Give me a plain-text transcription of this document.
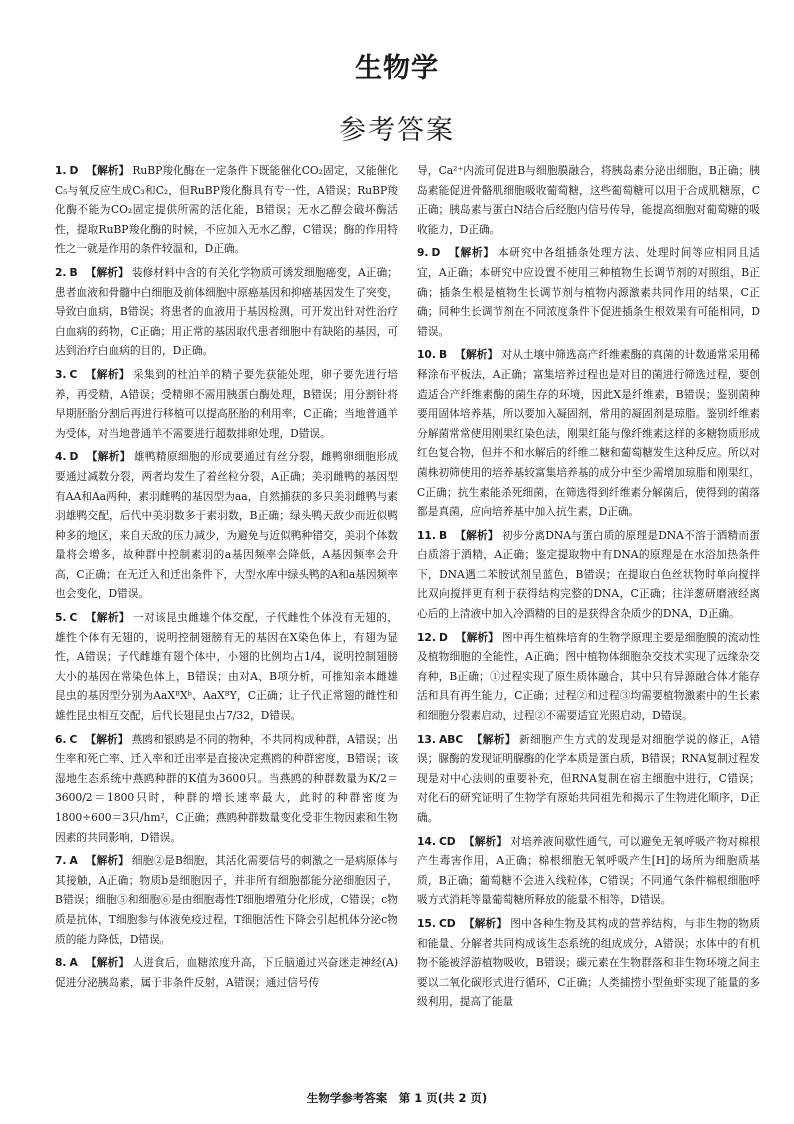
生物学
参考答案
1. D 【解析】 RuBP羧化酶在一定条件下既能催化CO₂固定，又能催化C₅与氧反应生成C₃和C₂，但RuBP羧化酶具有专一性，A错误；RuBP羧化酶不能为CO₂固定提供所需的活化能，B错误；无水乙醇会破坏酶活性，提取RuBP羧化酶的时候，不应加入无水乙醇，C错误；酶的作用特性之一就是作用的条件较温和，D正确。
2. B 【解析】 装修材料中含的有关化学物质可诱发细胞癌变，A正确；患者血液和骨髓中白细胞及前体细胞中原癌基因和抑癌基因发生了突变，导致白血病，B错误；将患者的血液用于基因检测，可开发出针对性治疗白血病的药物，C正确；用正常的基因取代患者细胞中有缺陷的基因，可达到治疗白血病的目的，D正确。
3. C 【解析】 采集到的杜泊羊的精子要先获能处理，卵子要先进行培养，再受精，A错误；受精卵不需用胰蛋白酶处理，B错误；用分割针将早期胚胎分割后再进行移植可以提高胚胎的利用率，C正确；当地普通羊为受体，对当地普通羊不需要进行超数排卵处理，D错误。
4. D 【解析】 雄鸭精原细胞的形成要通过有丝分裂，雌鸭卵细胞形成要通过减数分裂，两者均发生了着丝粒分裂，A正确；美羽雌鸭的基因型有AA和Aa两种，素羽雌鸭的基因型为aa，自然捕获的多只美羽雌鸭与素羽雄鸭交配，后代中美羽数多于素羽数，B正确；绿头鸭天敌少而近似鸭种多的地区，来自天敌的压力减少，为避免与近似鸭种错交，美羽个体数量将会增多，故种群中控制素羽的a基因频率会降低，A基因频率会升高，C正确；在无迁入和迁出条件下，大型水库中绿头鸭的A和a基因频率也会变化，D错误。
5. C 【解析】 一对该昆虫雌雄个体交配，子代雌性个体没有无翅的，雄性个体有无翅的，说明控制翅膀有无的基因在X染色体上，有翅为显性，A错误；子代雌雄有翅个体中，小翅的比例均占1/4，说明控制翅膀大小的基因在常染色体上，B错误；由对A、B项分析，可推知亲本雌雄昆虫的基因型分别为AaXᴮXᵇ、AaXᴮY，C正确；让子代正常翅的雌性和雄性昆虫相互交配，后代长翅昆虫占7/32，D错误。
6. C 【解析】 燕鸥和银鸥是不同的物种，不共同构成种群，A错误；出生率和死亡率、迁入率和迁出率是直接决定燕鸥的种群密度，B错误；该湿地生态系统中燕鸥种群的K值为3600只。当燕鸥的种群数量为K/2＝3600/2＝1800只时，种群的增长速率最大，此时的种群密度为1800÷600＝3只/hm²，C正确；燕鸥种群数量变化受非生物因素和生物因素的共同影响，D错误。
7. A 【解析】 细胞②是B细胞，其活化需要信号的刺激之一是病原体与其接触，A正确；物质b是细胞因子，并非所有细胞都能分泌细胞因子，B错误；细胞⑤和细胞⑥是由细胞毒性T细胞增殖分化形成，C错误；c物质是抗体，T细胞参与体液免疫过程，T细胞活性下降会引起机体分泌c物质的能力降低，D错误。
8. A 【解析】 人进食后，血糖浓度升高，下丘脑通过兴奋迷走神经(A)促进分泌胰岛素，属于非条件反射，A错误；通过信号传
导，Ca²⁺内流可促进B与细胞膜融合，将胰岛素分泌出细胞，B正确；胰岛素能促进骨骼肌细胞吸收葡萄糖，这些葡萄糖可以用于合成肌糖原，C正确；胰岛素与蛋白N结合后经胞内信号传导，能提高细胞对葡萄糖的吸收能力，D正确。
9. D 【解析】 本研究中各组插条处理方法、处理时间等应相同且适宜，A正确；本研究中应设置不使用三种植物生长调节剂的对照组，B正确；插条生根是植物生长调节剂与植物内源激素共同作用的结果，C正确；同种生长调节剂在不同浓度条件下促进插条生根效果有可能相同，D错误。
10. B 【解析】 对从土壤中筛选高产纤维素酶的真菌的计数通常采用稀释涂布平板法，A正确；富集培养过程也是对目的菌进行筛选过程，要创造适合产纤维素酶的菌生存的环境，因此X是纤维素，B错误；鉴别菌种要用固体培养基，所以要加入凝固剂，常用的凝固剂是琼脂。鉴别纤维素分解菌常常使用刚果红染色法，刚果红能与像纤维素这样的多糖物质形成红色复合物，但并不和水解后的纤维二糖和葡萄糖发生这种反应。所以对菌株初筛使用的培养基较富集培养基的成分中至少需增加琼脂和刚果红，C正确；抗生素能杀死细菌，在筛选得到纤维素分解菌后，使得到的菌落都是真菌，应向培养基中加入抗生素，D正确。
11. B 【解析】 初步分离DNA与蛋白质的原理是DNA不溶于酒精而蛋白质溶于酒精，A正确；鉴定提取物中有DNA的原理是在水浴加热条件下，DNA遇二苯胺试剂呈蓝色，B错误；在提取白色丝状物时单向搅拌比双向搅拌更有利于获得结构完整的DNA，C正确；往洋葱研磨液经离心后的上清液中加入冷酒精的目的是获得含杂质少的DNA，D正确。
12. D 【解析】 图中再生植株培育的生物学原理主要是细胞膜的流动性及植物细胞的全能性，A正确；图中植物体细胞杂交技术实现了远缘杂交育种，B正确；①过程实现了原生质体融合，其中只有异源融合体才能存活和具有再生能力，C正确；过程②和过程③均需要植物激素中的生长素和细胞分裂素启动，过程②不需要适宜光照启动，D错误。
13. ABC 【解析】 新细胞产生方式的发现是对细胞学说的修正，A错误；脲酶的发现证明脲酶的化学本质是蛋白质，B错误；RNA复制过程发现是对中心法则的重要补充，但RNA复制在宿主细胞中进行，C错误；对化石的研究证明了生物学有原始共同祖先和揭示了生物进化顺序，D正确。
14. CD 【解析】 对培养液间歇性通气，可以避免无氧呼吸产物对棉根产生毒害作用，A正确；棉根细胞无氧呼吸产生[H]的场所为细胞质基质，B正确；葡萄糖不会进入线粒体，C错误；不同通气条件棉根细胞呼吸方式消耗等量葡萄糖所释放的能量不相等，D错误。
15. CD 【解析】 图中各种生物及其构成的营养结构，与非生物的物质和能量、分解者共同构成该生态系统的组成成分，A错误；水体中的有机物不能被浮游植物吸收，B错误；碳元素在生物群落和非生物环境之间主要以二氧化碳形式进行循环，C正确；人类捕捞小型鱼虾实现了能量的多级利用，提高了能量
生物学参考答案　第 1 页(共 2 页)
